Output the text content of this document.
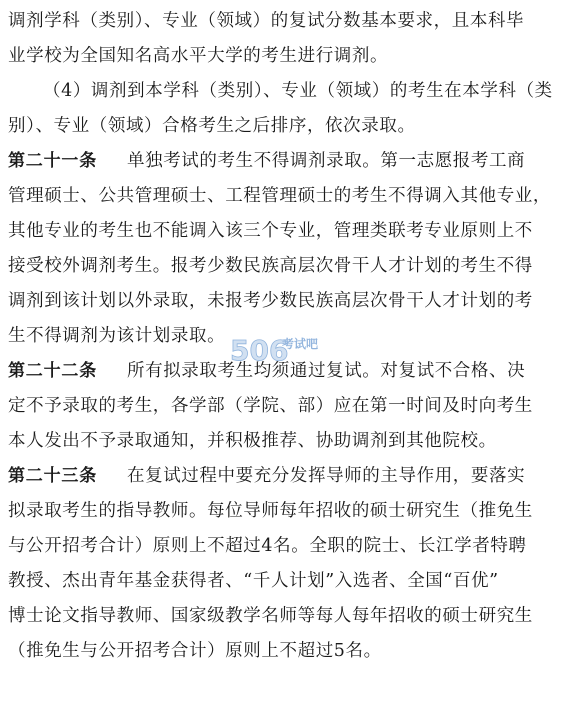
调剂学科（类别）、专业（领域）的复试分数基本要求，且本科毕
业学校为全国知名高水平大学的考生进行调剂。
（4）调剂到本学科（类别）、专业（领域）的考生在本学科（类
别）、专业（领域）合格考生之后排序，依次录取。
第二十一条 单独考试的考生不得调剂录取。第一志愿报考工商
管理硕士、公共管理硕士、工程管理硕士的考生不得调入其他专业，
其他专业的考生也不能调入该三个专业，管理类联考专业原则上不
接受校外调剂考生。报考少数民族高层次骨干人才计划的考生不得
调剂到该计划以外录取，未报考少数民族高层次骨干人才计划的考
生不得调剂为该计划录取。
第二十二条 所有拟录取考生均须通过复试。对复试不合格、决
定不予录取的考生，各学部（学院、部）应在第一时间及时向考生
本人发出不予录取通知，并积极推荐、协助调剂到其他院校。
第二十三条 在复试过程中要充分发挥导师的主导作用，要落实
拟录取考生的指导教师。每位导师每年招收的硕士研究生（推免生
与公开招考合计）原则上不超过4名。全职的院士、长江学者特聘
教授、杰出青年基金获得者、“千人计划”入选者、全国“百优”
博士论文指导教师、国家级教学名师等每人每年招收的硕士研究生
（推免生与公开招考合计）原则上不超过5名。
506
考试吧
